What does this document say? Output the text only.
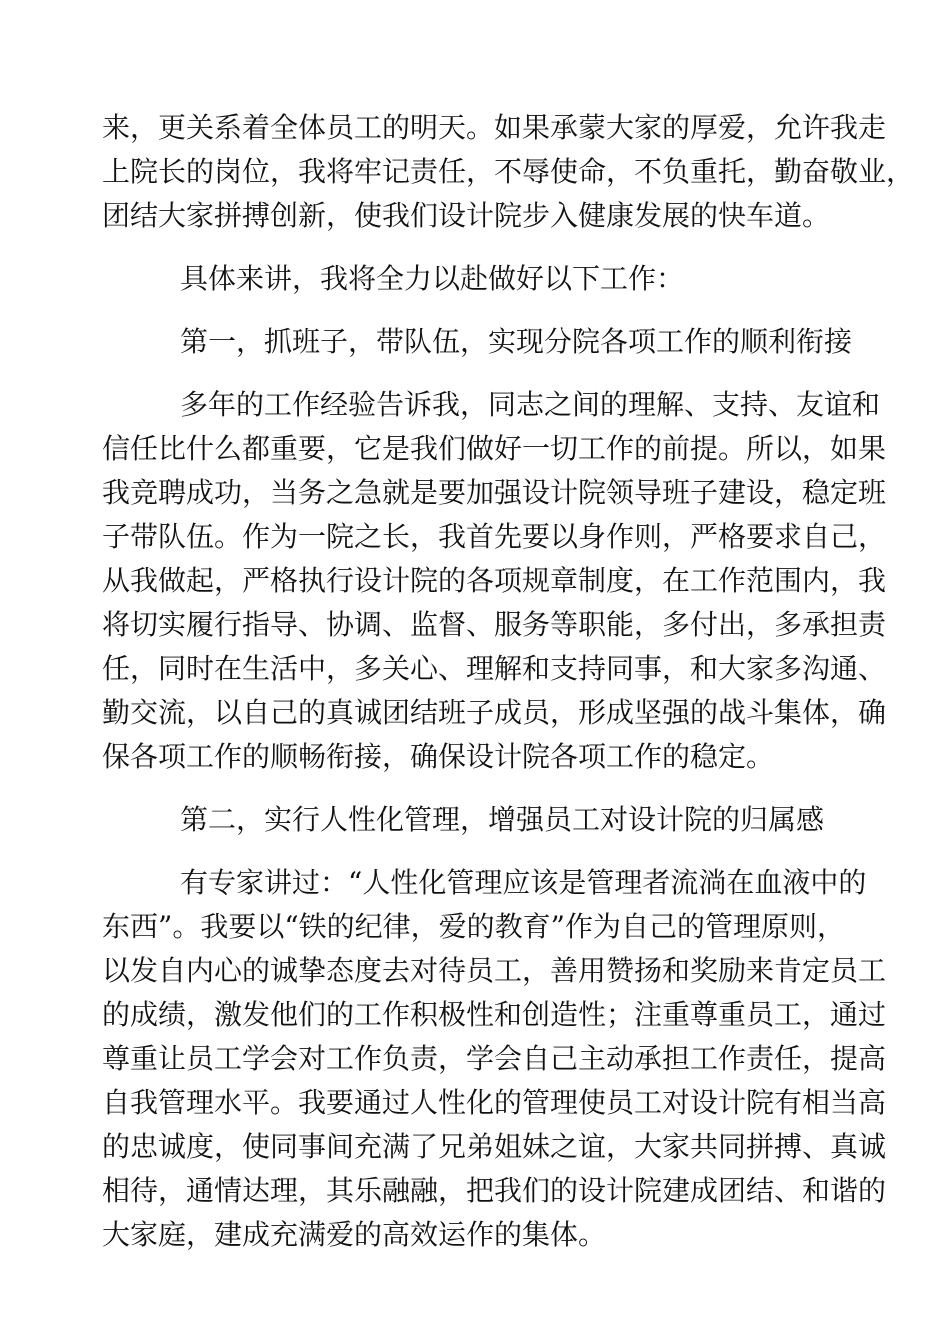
来，更关系着全体员工的明天。如果承蒙大家的厚爱，允许我走
上院长的岗位，我将牢记责任，不辱使命，不负重托，勤奋敬业，
团结大家拼搏创新，使我们设计院步入健康发展的快车道。
具体来讲，我将全力以赴做好以下工作：
第一，抓班子，带队伍，实现分院各项工作的顺利衔接
多年的工作经验告诉我，同志之间的理解、支持、友谊和
信任比什么都重要，它是我们做好一切工作的前提。所以，如果
我竞聘成功，当务之急就是要加强设计院领导班子建设，稳定班
子带队伍。作为一院之长，我首先要以身作则，严格要求自己，
从我做起，严格执行设计院的各项规章制度，在工作范围内，我
将切实履行指导、协调、监督、服务等职能，多付出，多承担责
任，同时在生活中，多关心、理解和支持同事，和大家多沟通、
勤交流，以自己的真诚团结班子成员，形成坚强的战斗集体，确
保各项工作的顺畅衔接，确保设计院各项工作的稳定。
第二，实行人性化管理，增强员工对设计院的归属感
有专家讲过：“人性化管理应该是管理者流淌在血液中的
东西”。我要以“铁的纪律，爱的教育”作为自己的管理原则，
以发自内心的诚挚态度去对待员工，善用赞扬和奖励来肯定员工
的成绩，激发他们的工作积极性和创造性；注重尊重员工，通过
尊重让员工学会对工作负责，学会自己主动承担工作责任，提高
自我管理水平。我要通过人性化的管理使员工对设计院有相当高
的忠诚度，使同事间充满了兄弟姐妹之谊，大家共同拼搏、真诚
相待，通情达理，其乐融融，把我们的设计院建成团结、和谐的
大家庭，建成充满爱的高效运作的集体。
